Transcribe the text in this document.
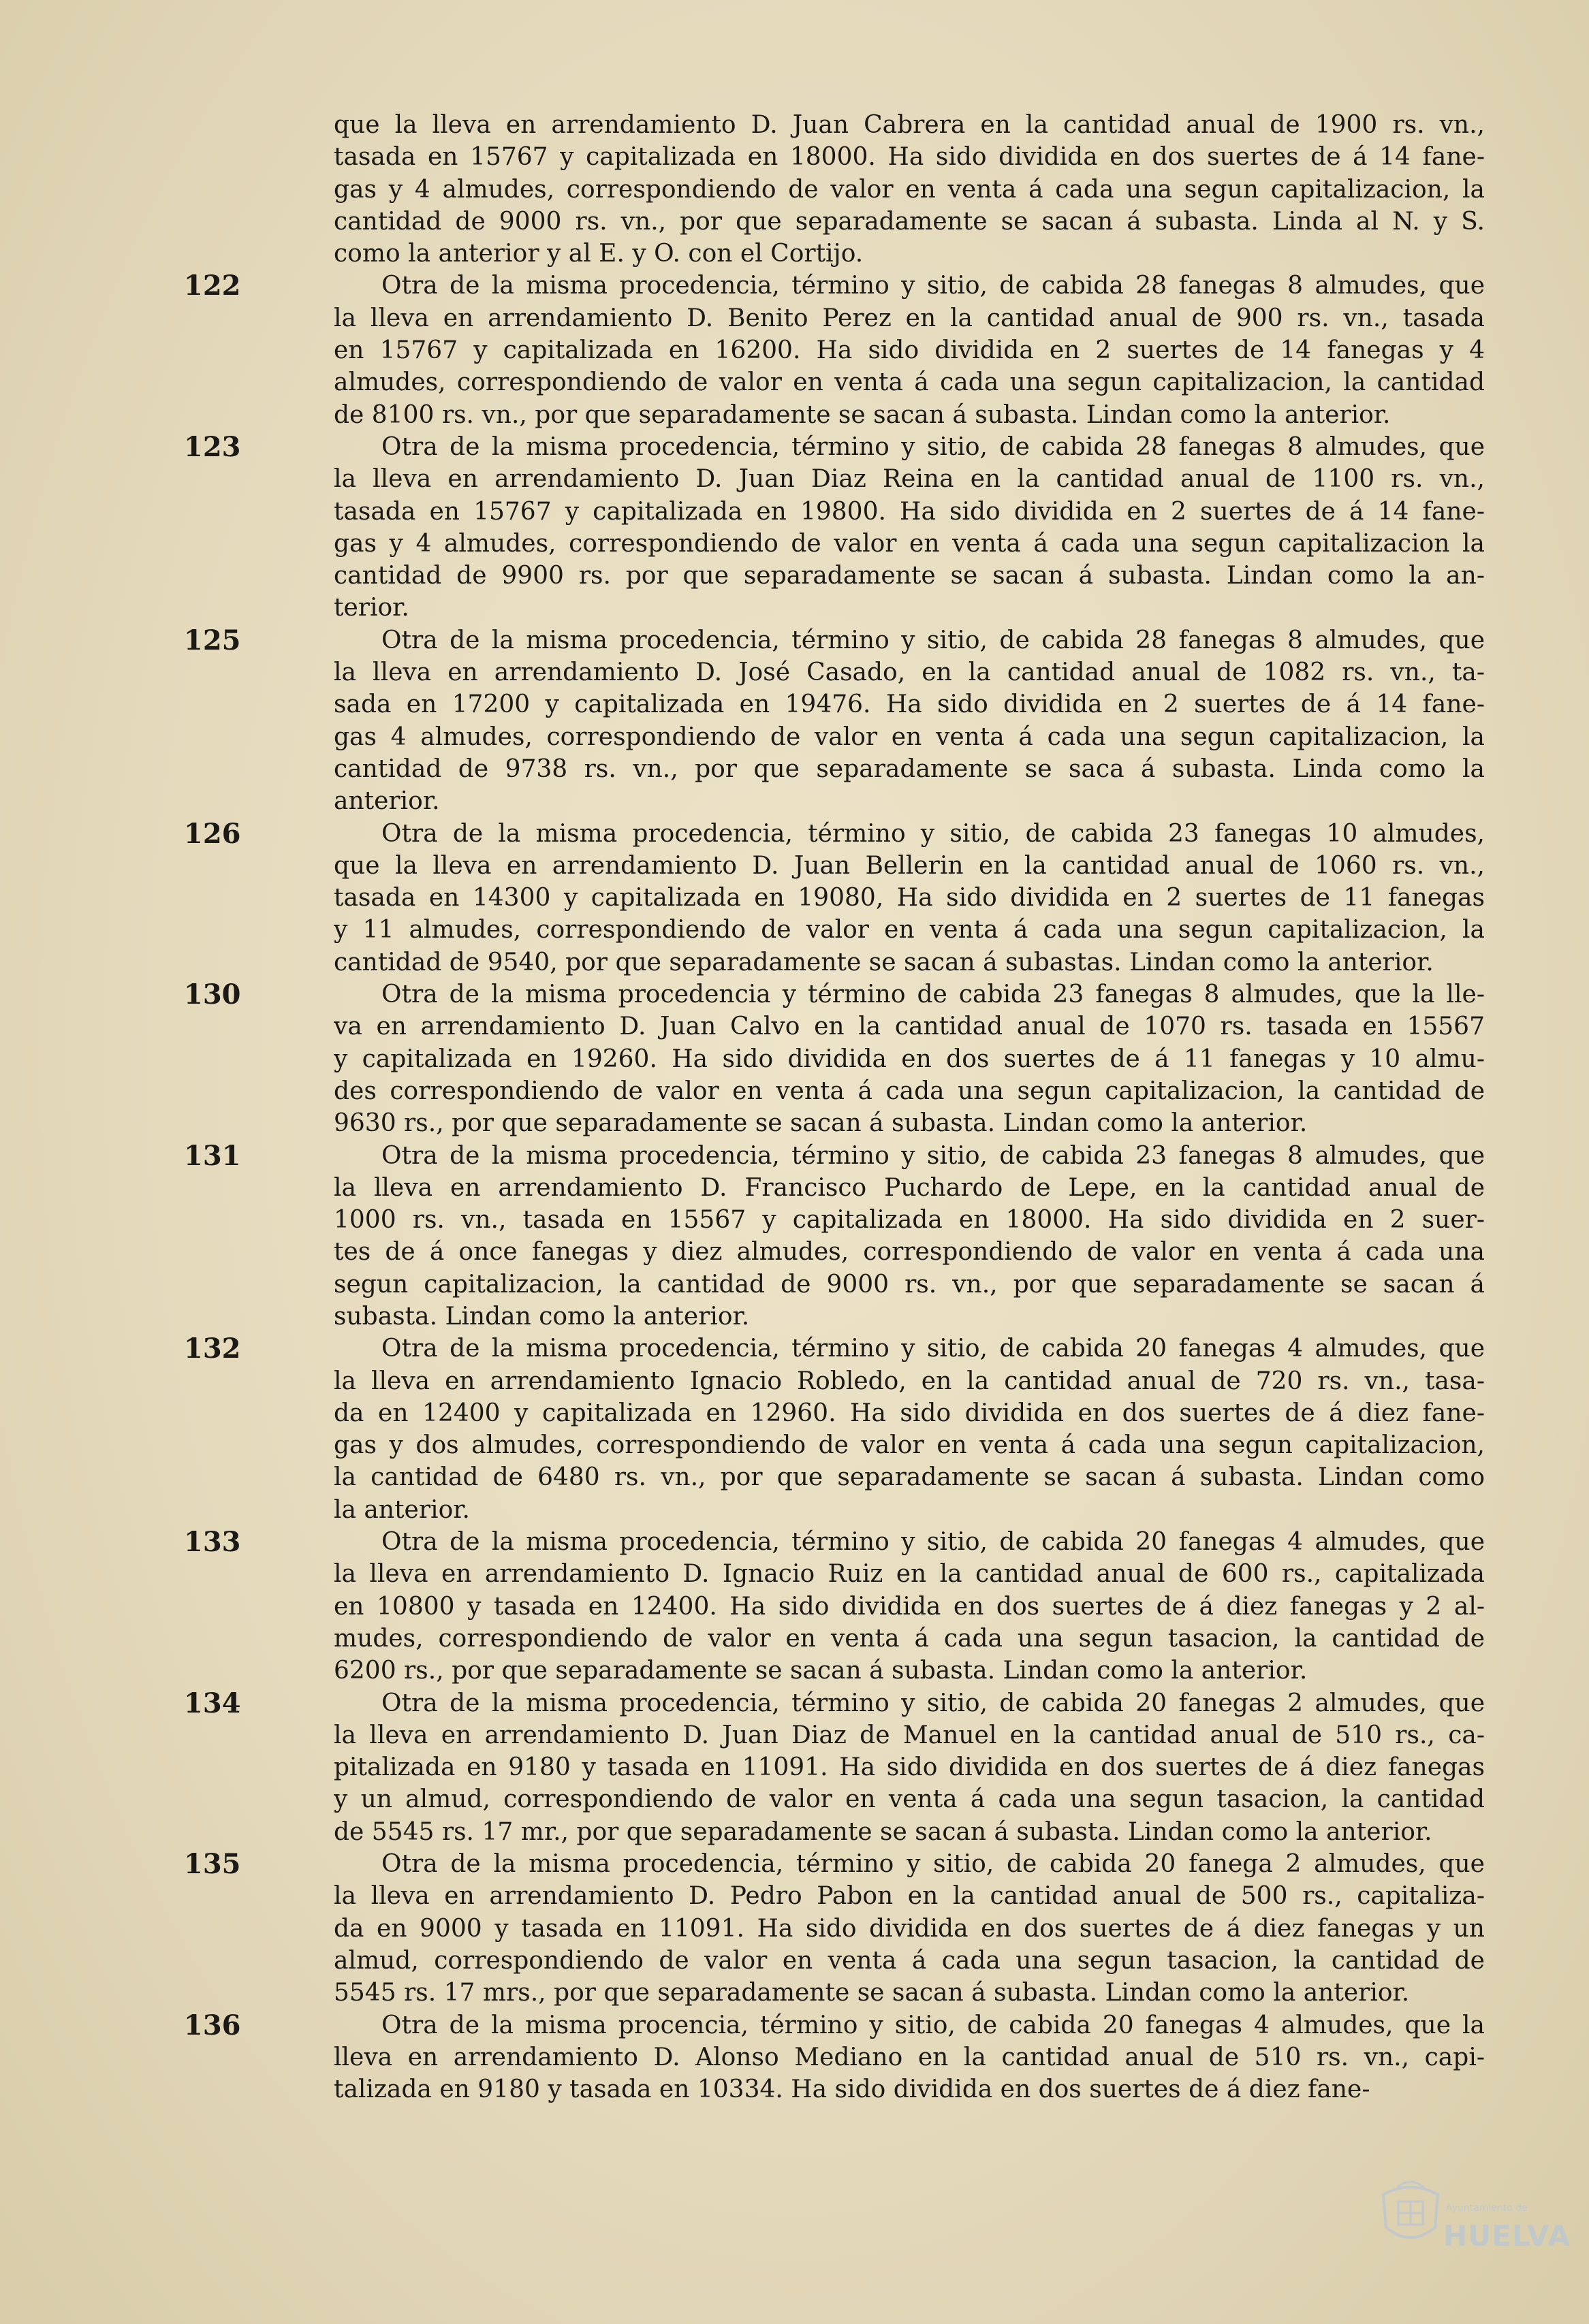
que la lleva en arrendamiento D. Juan Cabrera en la cantidad anual de 1900 rs. vn.,
tasada en 15767 y capitalizada en 18000. Ha sido dividida en dos suertes de á 14 fane-
gas y 4 almudes, correspondiendo de valor en venta á cada una segun capitalizacion, la
cantidad de 9000 rs. vn., por que separadamente se sacan á subasta. Linda al N. y S.
como la anterior y al E. y O. con el Cortijo.
122	Otra de la misma procedencia, término y sitio, de cabida 28 fanegas 8 almudes, que
la lleva en arrendamiento D. Benito Perez en la cantidad anual de 900 rs. vn., tasada
en 15767 y capitalizada en 16200. Ha sido dividida en 2 suertes de 14 fanegas y 4
almudes, correspondiendo de valor en venta á cada una segun capitalizacion, la cantidad
de 8100 rs. vn., por que separadamente se sacan á subasta. Lindan como la anterior.
123	Otra de la misma procedencia, término y sitio, de cabida 28 fanegas 8 almudes, que
la lleva en arrendamiento D. Juan Diaz Reina en la cantidad anual de 1100 rs. vn.,
tasada en 15767 y capitalizada en 19800. Ha sido dividida en 2 suertes de á 14 fane-
gas y 4 almudes, correspondiendo de valor en venta á cada una segun capitalizacion la
cantidad de 9900 rs. por que separadamente se sacan á subasta. Lindan como la an-
terior.
125	Otra de la misma procedencia, término y sitio, de cabida 28 fanegas 8 almudes, que
la lleva en arrendamiento D. José Casado, en la cantidad anual de 1082 rs. vn., ta-
sada en 17200 y capitalizada en 19476. Ha sido dividida en 2 suertes de á 14 fane-
gas 4 almudes, correspondiendo de valor en venta á cada una segun capitalizacion, la
cantidad de 9738 rs. vn., por que separadamente se saca á subasta. Linda como la
anterior.
126	Otra de la misma procedencia, término y sitio, de cabida 23 fanegas 10 almudes,
que la lleva en arrendamiento D. Juan Bellerin en la cantidad anual de 1060 rs. vn.,
tasada en 14300 y capitalizada en 19080, Ha sido dividida en 2 suertes de 11 fanegas
y 11 almudes, correspondiendo de valor en venta á cada una segun capitalizacion, la
cantidad de 9540, por que separadamente se sacan á subastas. Lindan como la anterior.
130	Otra de la misma procedencia y término de cabida 23 fanegas 8 almudes, que la lle-
va en arrendamiento D. Juan Calvo en la cantidad anual de 1070 rs. tasada en 15567
y capitalizada en 19260. Ha sido dividida en dos suertes de á 11 fanegas y 10 almu-
des correspondiendo de valor en venta á cada una segun capitalizacion, la cantidad de
9630 rs., por que separadamente se sacan á subasta. Lindan como la anterior.
131	Otra de la misma procedencia, término y sitio, de cabida 23 fanegas 8 almudes, que
la lleva en arrendamiento D. Francisco Puchardo de Lepe, en la cantidad anual de
1000 rs. vn., tasada en 15567 y capitalizada en 18000. Ha sido dividida en 2 suer-
tes de á once fanegas y diez almudes, correspondiendo de valor en venta á cada una
segun capitalizacion, la cantidad de 9000 rs. vn., por que separadamente se sacan á
subasta. Lindan como la anterior.
132	Otra de la misma procedencia, término y sitio, de cabida 20 fanegas 4 almudes, que
la lleva en arrendamiento Ignacio Robledo, en la cantidad anual de 720 rs. vn., tasa-
da en 12400 y capitalizada en 12960. Ha sido dividida en dos suertes de á diez fane-
gas y dos almudes, correspondiendo de valor en venta á cada una segun capitalizacion,
la cantidad de 6480 rs. vn., por que separadamente se sacan á subasta. Lindan como
la anterior.
133	Otra de la misma procedencia, término y sitio, de cabida 20 fanegas 4 almudes, que
la lleva en arrendamiento D. Ignacio Ruiz en la cantidad anual de 600 rs., capitalizada
en 10800 y tasada en 12400. Ha sido dividida en dos suertes de á diez fanegas y 2 al-
mudes, correspondiendo de valor en venta á cada una segun tasacion, la cantidad de
6200 rs., por que separadamente se sacan á subasta. Lindan como la anterior.
134	Otra de la misma procedencia, término y sitio, de cabida 20 fanegas 2 almudes, que
la lleva en arrendamiento D. Juan Diaz de Manuel en la cantidad anual de 510 rs., ca-
pitalizada en 9180 y tasada en 11091. Ha sido dividida en dos suertes de á diez fanegas
y un almud, correspondiendo de valor en venta á cada una segun tasacion, la cantidad
de 5545 rs. 17 mr., por que separadamente se sacan á subasta. Lindan como la anterior.
135	Otra de la misma procedencia, término y sitio, de cabida 20 fanega 2 almudes, que
la lleva en arrendamiento D. Pedro Pabon en la cantidad anual de 500 rs., capitaliza-
da en 9000 y tasada en 11091. Ha sido dividida en dos suertes de á diez fanegas y un
almud, correspondiendo de valor en venta á cada una segun tasacion, la cantidad de
5545 rs. 17 mrs., por que separadamente se sacan á subasta. Lindan como la anterior.
136	Otra de la misma procencia, término y sitio, de cabida 20 fanegas 4 almudes, que la
lleva en arrendamiento D. Alonso Mediano en la cantidad anual de 510 rs. vn., capi-
talizada en 9180 y tasada en 10334. Ha sido dividida en dos suertes de á diez fane-
Ayuntamiento de
HUELVA
